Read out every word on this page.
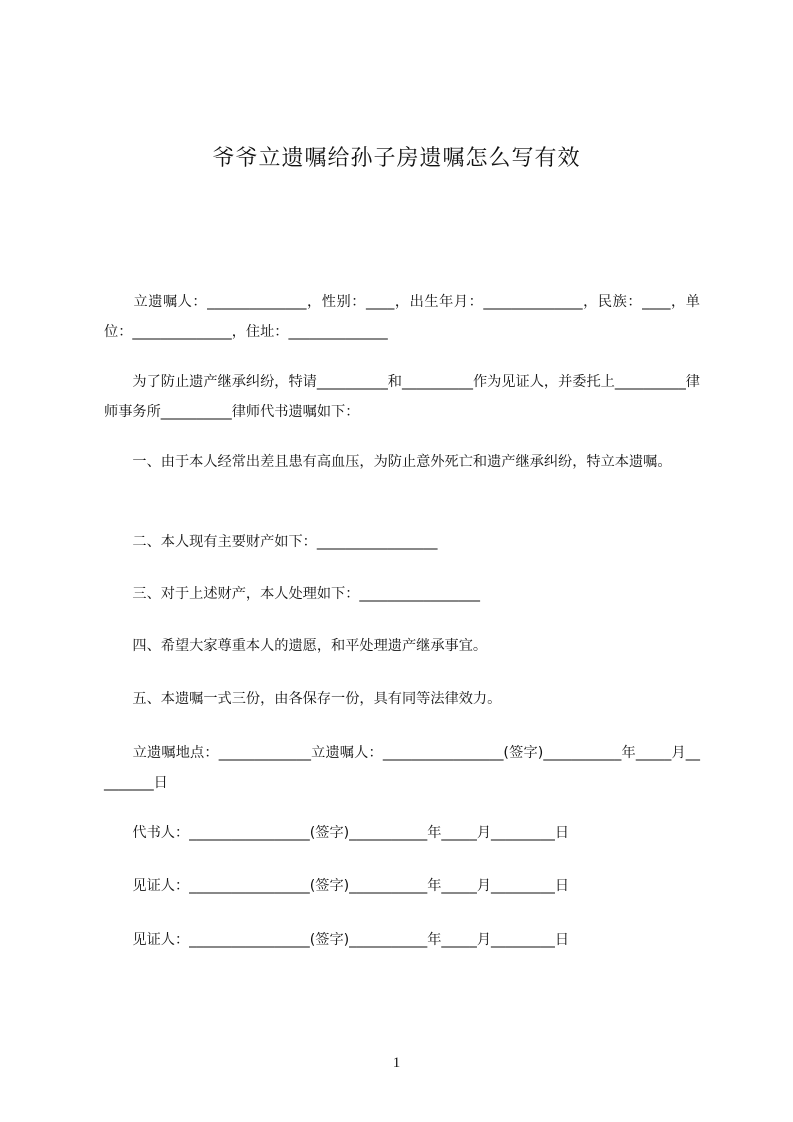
爷爷立遗嘱给孙子房遗嘱怎么写有效
　　立遗嘱人：______________，性别：____，出生年月：______________，民族：____，单位：______________，住址：______________
　　为了防止遗产继承纠纷，特请__________和__________作为见证人，并委托上__________律师事务所__________律师代书遗嘱如下：
　　一、由于本人经常出差且患有高血压，为防止意外死亡和遗产继承纠纷，特立本遗嘱。
　　二、本人现有主要财产如下：_________________
　　三、对于上述财产，本人处理如下：_________________
　　四、希望大家尊重本人的遗愿，和平处理遗产继承事宜。
　　五、本遗嘱一式三份，由各保存一份，具有同等法律效力。
　　立遗嘱地点：_____________立遗嘱人：_________________(签字)___________年_____月_________日
　　代书人：_________________(签字)___________年_____月_________日
　　见证人：_________________(签字)___________年_____月_________日
　　见证人：_________________(签字)___________年_____月_________日
1
